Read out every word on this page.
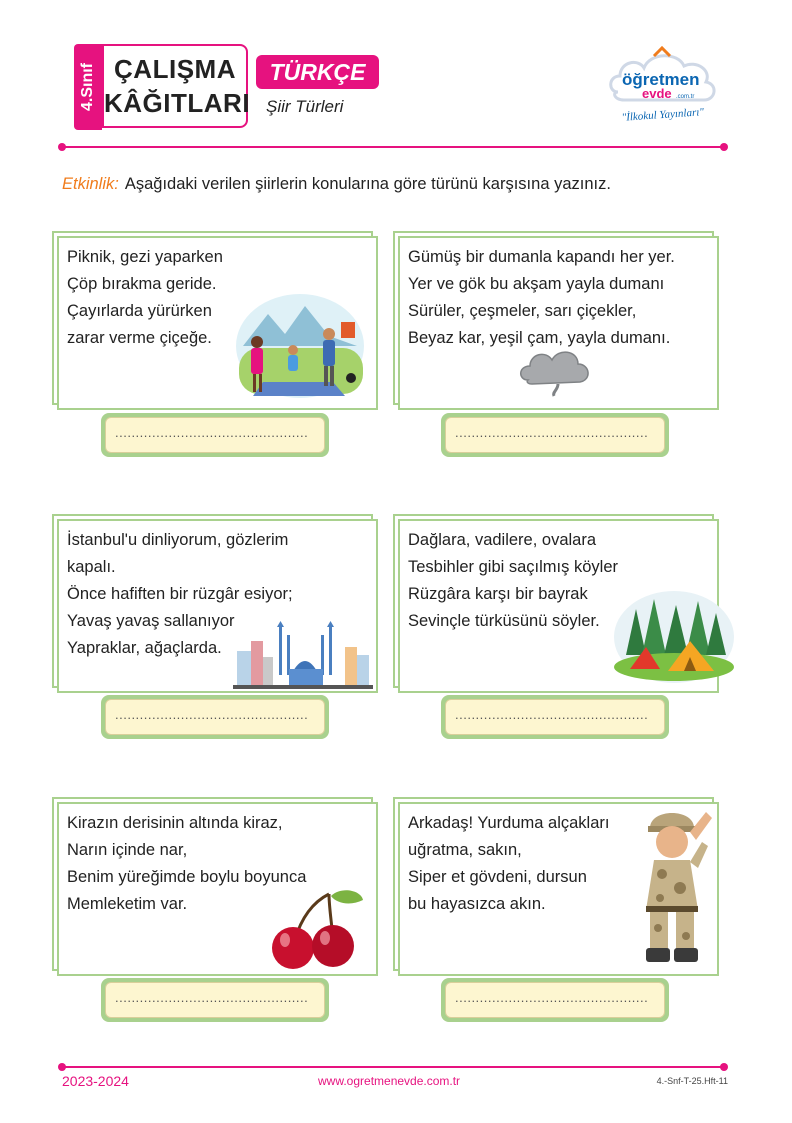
4.Sınıf ÇALIŞMA
KÂĞITLARI
TÜRKÇE
Şiir Türleri
öğretmen
evde .com.tr
"İlkokul Yayınları"
Etkinlik: Aşağıdaki verilen şiirlerin konularına göre türünü karşısına yazınız.
Piknik, gezi yaparken
Çöp bırakma geride.
Çayırlarda yürürken
zarar verme çiçeğe.
...............................................
Gümüş bir dumanla kapandı her yer.
Yer ve gök bu akşam yayla dumanı
Sürüler, çeşmeler, sarı çiçekler,
Beyaz kar, yeşil çam, yayla dumanı.
...............................................
İstanbul'u dinliyorum, gözlerim
kapalı.
Önce hafiften bir rüzgâr esiyor;
Yavaş yavaş sallanıyor
Yapraklar, ağaçlarda.
...............................................
Dağlara, vadilere, ovalara
Tesbihler gibi saçılmış köyler
Rüzgâra karşı bir bayrak
Sevinçle türküsünü söyler.
...............................................
Kirazın derisinin altında kiraz,
Narın içinde nar,
Benim yüreğimde boylu boyunca
Memleketim var.
...............................................
Arkadaş! Yurduma alçakları
uğratma, sakın,
Siper et gövdeni, dursun
bu hayasızca akın.
...............................................
2023-2024	www.ogretmenevde.com.tr	4.-Snf-T-25.Hft-11
